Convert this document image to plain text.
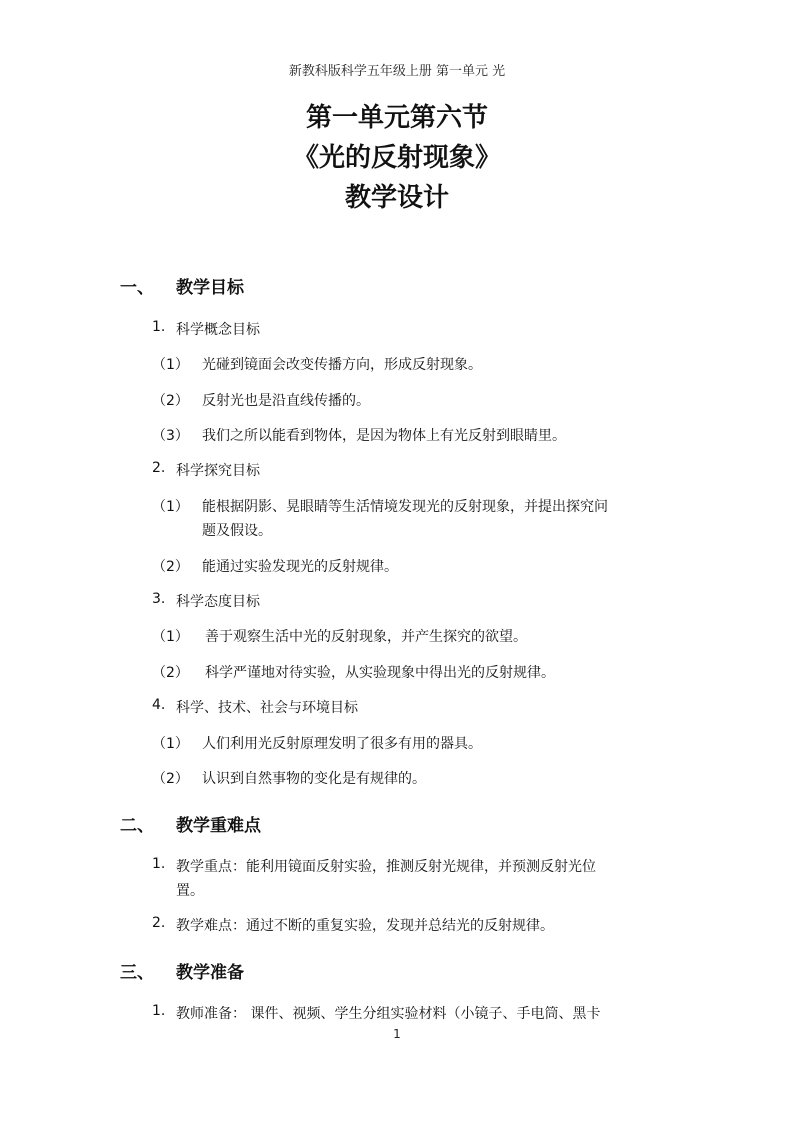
新教科版科学五年级上册 第一单元 光
第一单元第六节
《光的反射现象》
教学设计
一、 教学目标
1. 科学概念目标
（1） 光碰到镜面会改变传播方向，形成反射现象。
（2） 反射光也是沿直线传播的。
（3） 我们之所以能看到物体，是因为物体上有光反射到眼睛里。
2. 科学探究目标
（1） 能根据阴影、晃眼睛等生活情境发现光的反射现象，并提出探究问
题及假设。
（2） 能通过实验发现光的反射规律。
3. 科学态度目标
（1） 善于观察生活中光的反射现象，并产生探究的欲望。
（2） 科学严谨地对待实验，从实验现象中得出光的反射规律。
4. 科学、技术、社会与环境目标
（1） 人们利用光反射原理发明了很多有用的器具。
（2） 认识到自然事物的变化是有规律的。
二、 教学重难点
1. 教学重点：能利用镜面反射实验，推测反射光规律，并预测反射光位
置。
2. 教学难点：通过不断的重复实验，发现并总结光的反射规律。
三、 教学准备
1. 教师准备： 课件、视频、学生分组实验材料（小镜子、手电筒、黑卡
1
